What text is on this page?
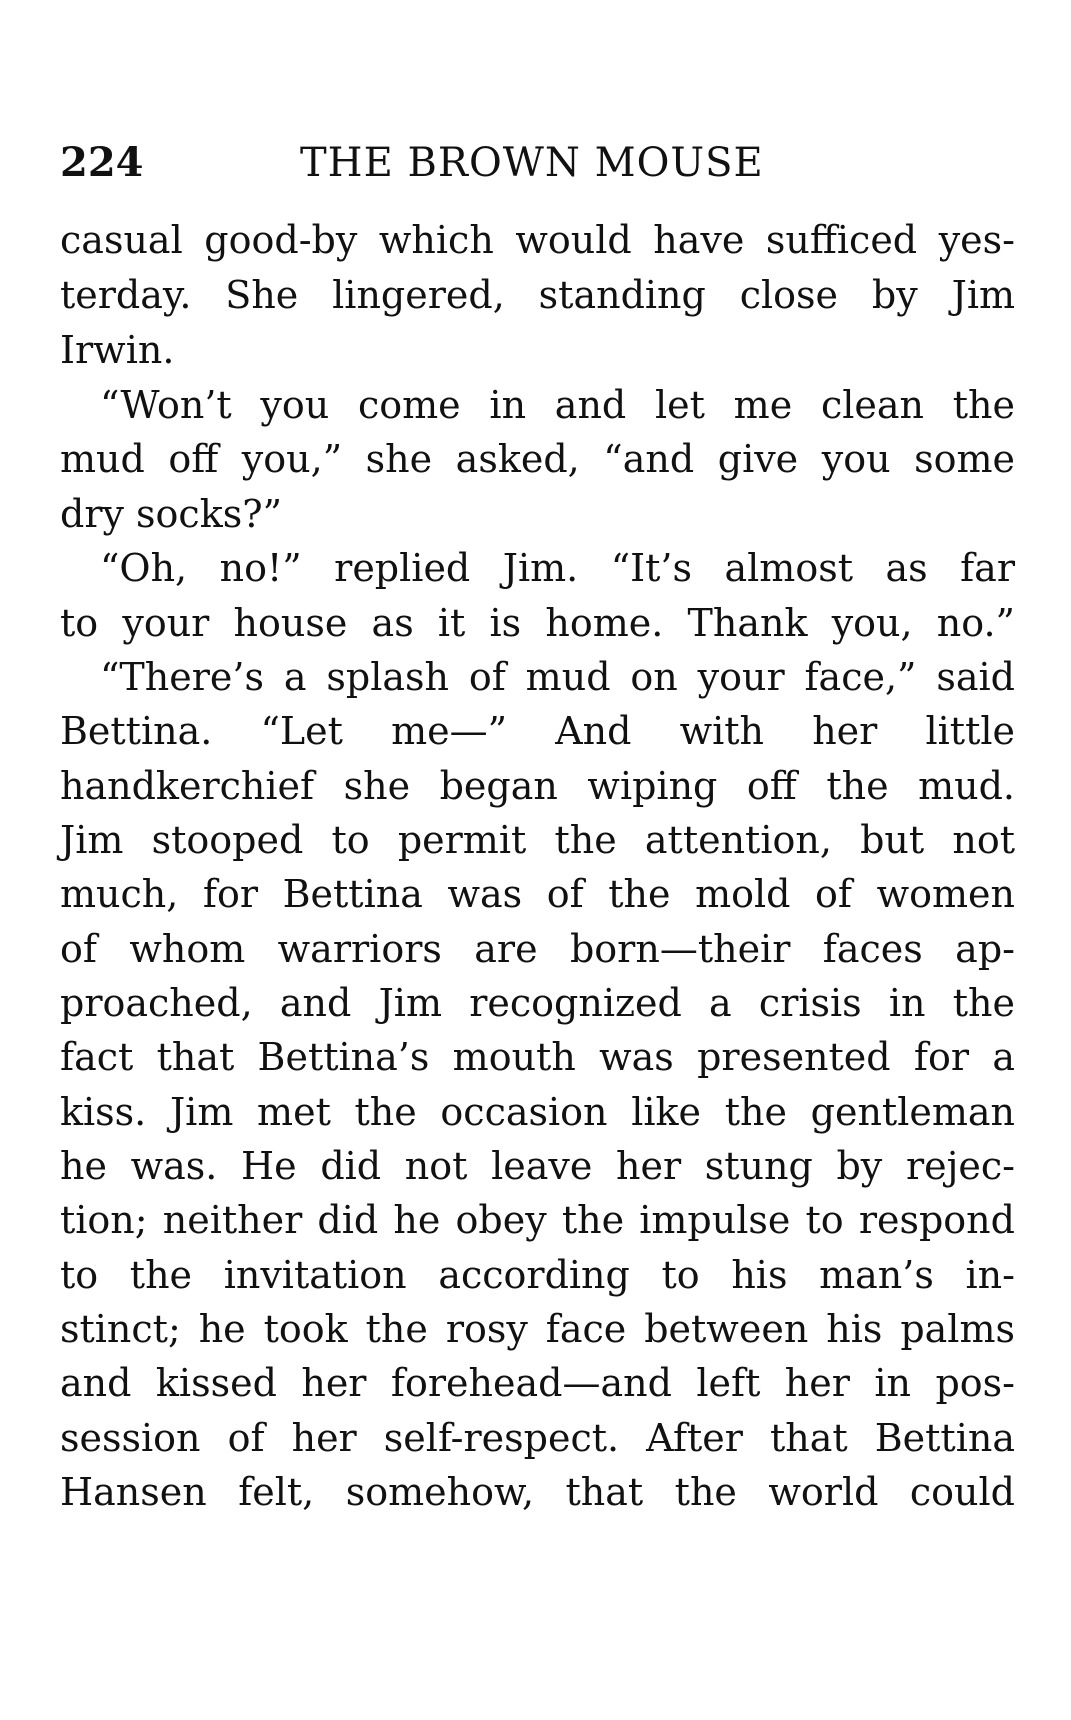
224	THE BROWN MOUSE
casual good-by which would have sufficed yes-
terday. She lingered, standing close by Jim
Irwin.
“Won’t you come in and let me clean the
mud off you,” she asked, “and give you some
dry socks?”
“Oh, no!” replied Jim. “It’s almost as far
to your house as it is home. Thank you, no.”
“There’s a splash of mud on your face,” said
Bettina. “Let me—” And with her little
handkerchief she began wiping off the mud.
Jim stooped to permit the attention, but not
much, for Bettina was of the mold of women
of whom warriors are born—their faces ap-
proached, and Jim recognized a crisis in the
fact that Bettina’s mouth was presented for a
kiss. Jim met the occasion like the gentleman
he was. He did not leave her stung by rejec-
tion; neither did he obey the impulse to respond
to the invitation according to his man’s in-
stinct; he took the rosy face between his palms
and kissed her forehead—and left her in pos-
session of her self-respect. After that Bettina
Hansen felt, somehow, that the world could
